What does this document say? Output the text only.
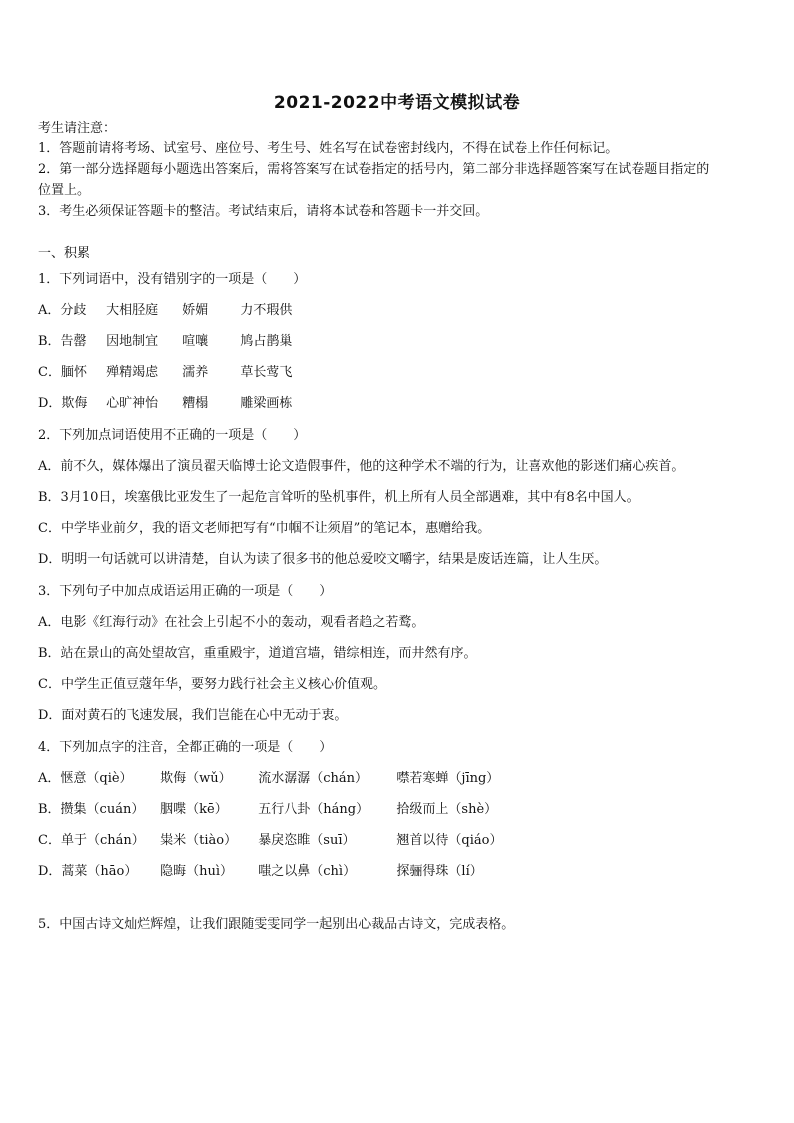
2021-2022中考语文模拟试卷
考生请注意：
1．答题前请将考场、试室号、座位号、考生号、姓名写在试卷密封线内，不得在试卷上作任何标记。
2．第一部分选择题每小题选出答案后，需将答案写在试卷指定的括号内，第二部分非选择题答案写在试卷题目指定的
位置上。
3．考生必须保证答题卡的整洁。考试结束后，请将本试卷和答题卡一并交回。
一、积累
1．下列词语中，没有错别字的一项是（　　）
A．分歧 大相胫庭 娇媚 力不瑕供
B．告罄 因地制宜 喧嚷 鸠占鹊巢
C．腼怀 殚精竭虑 濡养 草长莺飞
D．欺侮 心旷神怡 糟榻 雕梁画栋
2．下列加点词语使用不正确的一项是（　　）
A．前不久，媒体爆出了演员翟天临博士论文造假事件，他的这种学术不端的行为，让喜欢他的影迷们痛心疾首。
B．3月10日，埃塞俄比亚发生了一起危言耸听的坠机事件，机上所有人员全部遇难，其中有8名中国人。
C．中学毕业前夕，我的语文老师把写有“巾帼不让须眉”的笔记本，惠赠给我。
D．明明一句话就可以讲清楚，自认为读了很多书的他总爱咬文嚼字，结果是废话连篇，让人生厌。
3．下列句子中加点成语运用正确的一项是（　　）
A．电影《红海行动》在社会上引起不小的轰动，观看者趋之若鹜。
B．站在景山的高处望故宫，重重殿宇，道道宫墙，错综相连，而井然有序。
C．中学生正值豆蔻年华，要努力践行社会主义核心价值观。
D．面对黄石的飞速发展，我们岂能在心中无动于衷。
4．下列加点字的注音，全都正确的一项是（　　）
A．惬意（qiè） 欺侮（wǔ） 流水潺潺（chán） 噤若寒蝉（jīng）
B．攒集（cuán） 胭喋（kē） 五行八卦（háng） 拾级而上（shè）
C．单于（chán） 粜米（tiào） 暴戾恣睢（suī）	翘首以待（qiáo）
D．蒿菜（hāo） 隐晦（huì） 嗤之以鼻（chì）	探骊得珠（lí）
5．中国古诗文灿烂辉煌，让我们跟随雯雯同学一起别出心裁品古诗文，完成表格。
